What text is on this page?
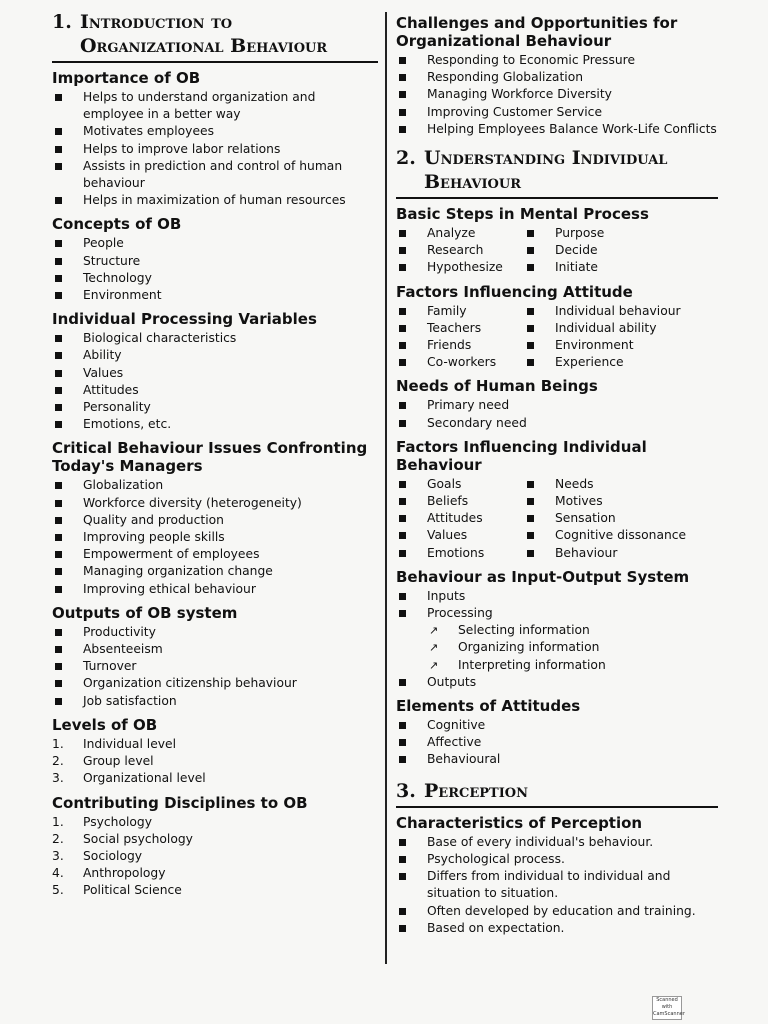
1. Introduction to
Organizational Behaviour
Importance of OB
Helps to understand organization and employee in a better way
Motivates employees
Helps to improve labor relations
Assists in prediction and control of human behaviour
Helps in maximization of human resources
Concepts of OB
People
Structure
Technology
Environment
Individual Processing Variables
Biological characteristics
Ability
Values
Attitudes
Personality
Emotions, etc.
Critical Behaviour Issues Confronting Today's Managers
Globalization
Workforce diversity (heterogeneity)
Quality and production
Improving people skills
Empowerment of employees
Managing organization change
Improving ethical behaviour
Outputs of OB system
Productivity
Absenteeism
Turnover
Organization citizenship behaviour
Job satisfaction
Levels of OB
1. Individual level
2. Group level
3. Organizational level
Contributing Disciplines to OB
1. Psychology
2. Social psychology
3. Sociology
4. Anthropology
5. Political Science
Challenges and Opportunities for Organizational Behaviour
Responding to Economic Pressure
Responding Globalization
Managing Workforce Diversity
Improving Customer Service
Helping Employees Balance Work-Life Conflicts
2. Understanding Individual
Behaviour
Basic Steps in Mental Process
Analyze
Research
Hypothesize
Purpose
Decide
Initiate
Factors Influencing Attitude
Family
Teachers
Friends
Co-workers
Individual behaviour
Individual ability
Environment
Experience
Needs of Human Beings
Primary need
Secondary need
Factors Influencing Individual Behaviour
Goals
Beliefs
Attitudes
Values
Emotions
Needs
Motives
Sensation
Cognitive dissonance
Behaviour
Behaviour as Input-Output System
Inputs
Processing
↗ Selecting information
↗ Organizing information
↗ Interpreting information
Outputs
Elements of Attitudes
Cognitive
Affective
Behavioural
3. Perception
Characteristics of Perception
Base of every individual's behaviour.
Psychological process.
Differs from individual to individual and situation to situation.
Often developed by education and training.
Based on expectation.
Scanned with
CamScanner
